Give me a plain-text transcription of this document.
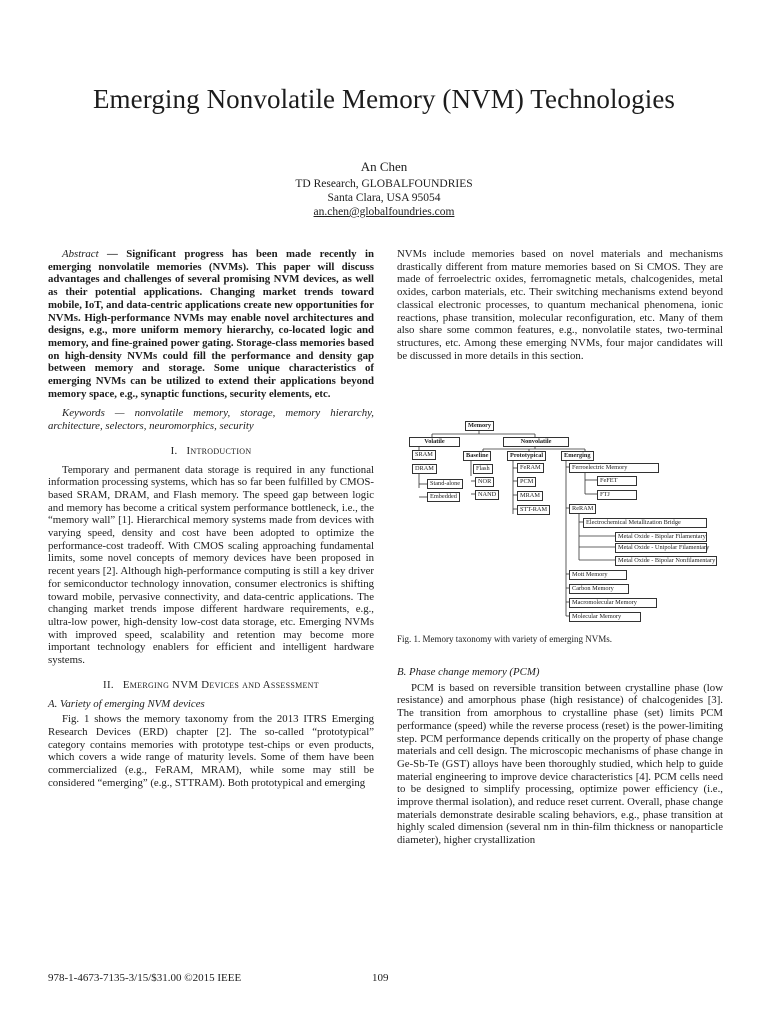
Emerging Nonvolatile Memory (NVM) Technologies
An Chen
TD Research, GLOBALFOUNDRIES
Santa Clara, USA 95054
an.chen@globalfoundries.com

Abstract — Significant progress has been made recently in emerging nonvolatile memories (NVMs). This paper will discuss advantages and challenges of several promising NVM devices, as well as their potential applications. Changing market trends toward mobile, IoT, and data-centric applications create new opportunities for NVMs. High-performance NVMs may enable novel architectures and designs, e.g., more uniform memory hierarchy, co-located logic and memory, and fine-grained power gating. Storage-class memories based on high-density NVMs could fill the performance and density gap between memory and storage. Some unique characteristics of emerging NVMs can be utilized to extend their applications beyond memory space, e.g., synaptic functions, security elements, etc.

Keywords — nonvolatile memory, storage, memory hierarchy, architecture, selectors, neuromorphics, security

I. Introduction

Temporary and permanent data storage is required in any functional information processing systems, which has so far been fulfilled by CMOS-based SRAM, DRAM, and Flash memory. The speed gap between logic and memory has become a critical system performance bottleneck, i.e., the “memory wall” [1]. Hierarchical memory systems made from devices with varying speed, density and cost have been adopted to optimize the performance-cost tradeoff. With CMOS scaling approaching fundamental limits, some novel concepts of memory devices have been proposed in recent years [2]. Although high-performance computing is still a key driver for semiconductor technology innovation, consumer electronics is shifting toward mobile, pervasive connectivity, and data-centric applications. The changing market trends impose different hardware requirements, e.g., ultra-low power, high-density low-cost data storage, etc. Emerging NVMs with improved speed, scalability and retention may become more important technology enablers for efficient and intelligent hardware systems.

II. Emerging NVM Devices and Assessment

A. Variety of emerging NVM devices

Fig. 1 shows the memory taxonomy from the 2013 ITRS Emerging Research Devices (ERD) chapter [2]. The so-called “prototypical” category contains memories with prototype test-chips or even products, which covers a wide range of maturity levels. Some of them have been commercialized (e.g., FeRAM, MRAM), while some may still be considered “emerging” (e.g., STTRAM). Both prototypical and emerging

NVMs include memories based on novel materials and mechanisms drastically different from mature memories based on Si CMOS. They are made of ferroelectric oxides, ferromagnetic metals, chalcogenides, metal oxides, carbon materials, etc. Their switching mechanisms extend beyond classical electronic processes, to quantum mechanical phenomena, ionic reactions, phase transition, molecular reconfiguration, etc. Many of them also share some common features, e.g., nonvolatile states, two-terminal structures, etc. Among these emerging NVMs, four major candidates will be discussed in more details in this section.

Memory
Volatile	Nonvolatile
SRAM
DRAM
Stand-alone
Embedded
Baseline
Flash
NOR
NAND
Prototypical
FeRAM
PCM
MRAM
STT-RAM
Emerging
Ferroelectric Memory
FeFET
FTJ
ReRAM
Electrochemical Metallization Bridge
Metal Oxide - Bipolar Filamentary
Metal Oxide - Unipolar Filamentary
Metal Oxide - Bipolar Nonfilamentary
Mott Memory
Carbon Memory
Macromolecular Memory
Molecular Memory
Fig. 1. Memory taxonomy with variety of emerging NVMs.

B. Phase change memory (PCM)

PCM is based on reversible transition between crystalline phase (low resistance) and amorphous phase (high resistance) of chalcogenides [3]. The transition from amorphous to crystalline phase (set) limits PCM performance (speed) while the reverse process (reset) is the power-limiting step. PCM performance depends critically on the property of phase change materials and cell design. The microscopic mechanisms of phase change in Ge-Sb-Te (GST) alloys have been thoroughly studied, which help to guide material engineering to improve device characteristics [4]. PCM cells need to be designed to simplify processing, optimize power efficiency (i.e., improve thermal isolation), and reduce reset current. Overall, phase change materials demonstrate desirable scaling behaviors, e.g., phase transition at highly scaled dimension (several nm in thin-film thickness or nanoparticle diameter), higher crystallization

978-1-4673-7135-3/15/$31.00 ©2015 IEEE	109
